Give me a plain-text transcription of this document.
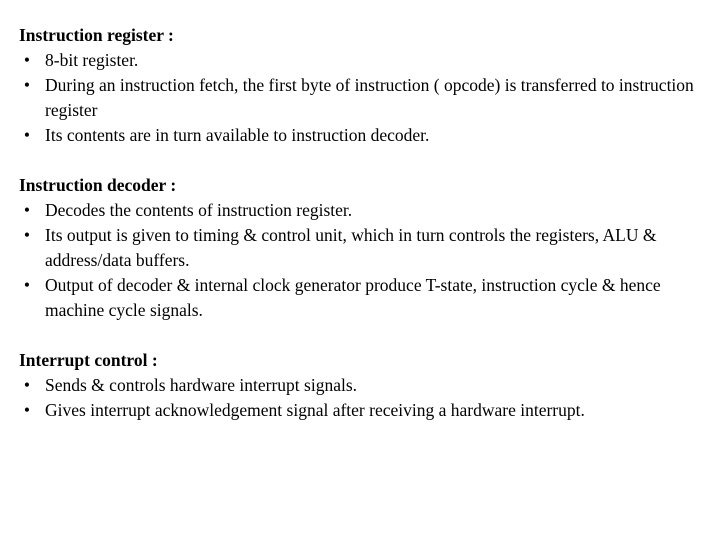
Instruction register :
• 8-bit register.
• During an instruction fetch, the first byte of instruction ( opcode) is transferred to instruction register
• Its contents are in turn available to instruction decoder.
Instruction decoder :
• Decodes the contents of instruction register.
• Its output is given to timing & control unit, which in turn controls the registers, ALU & address/data buffers.
• Output of decoder & internal clock generator produce T-state, instruction cycle & hence machine cycle signals.
Interrupt control :
• Sends & controls hardware interrupt signals.
• Gives interrupt acknowledgement signal after receiving a hardware interrupt.
